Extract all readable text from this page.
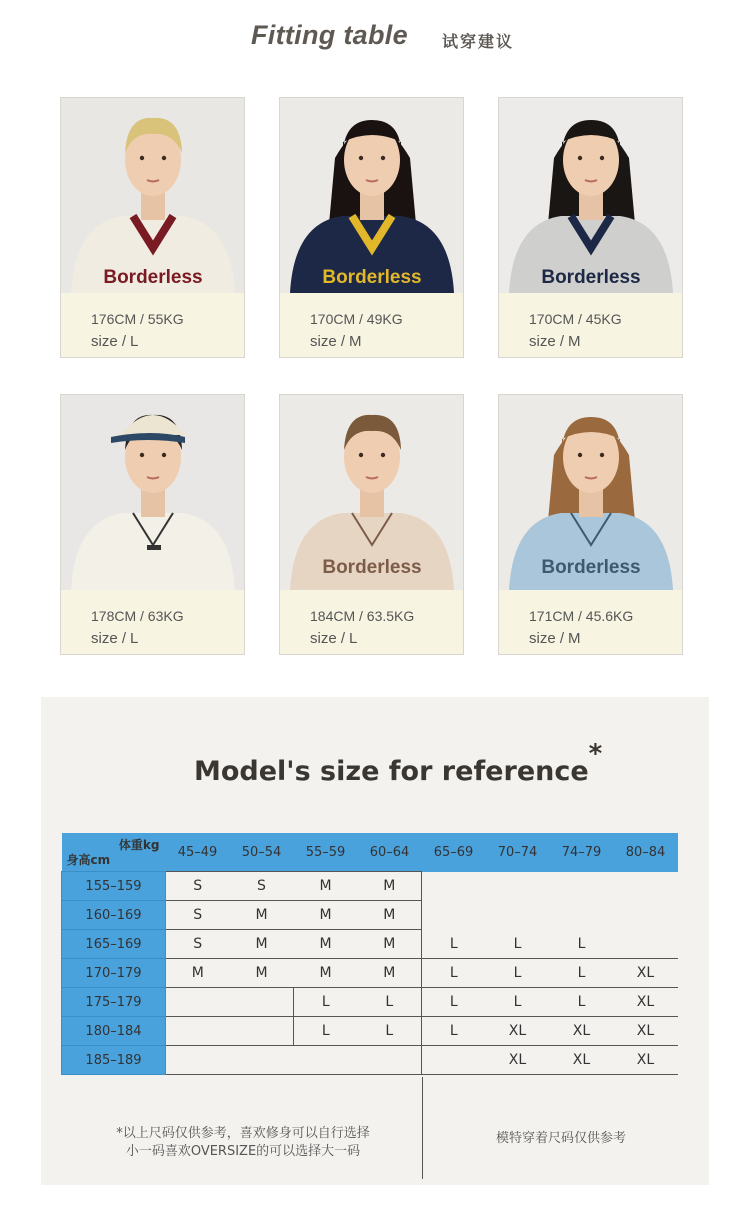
Fitting table 试穿建议
Borderless
176CM / 55KG
size / L
Borderless
170CM / 49KG
size / M
Borderless
170CM / 45KG
size / M
178CM / 63KG
size / L
Borderless
184CM / 63.5KG
size / L
Borderless
171CM / 45.6KG
size / M
Model's size for reference*
体重kg
身高cm	45–49	50–54	55–59	60–64	65–69	70–74	74–79	80–84
155–159	S	S	M	M				
160–169	S	M	M	M				
165–169	S	M	M	M	L	L	L	
170–179	M	M	M	M	L	L	L	XL
175–179			L	L	L	L	L	XL
180–184			L	L	L	XL	XL	XL
185–189						XL	XL	XL
*以上尺码仅供参考，喜欢修身可以自行选择
小一码喜欢OVERSIZE的可以选择大一码
模特穿着尺码仅供参考
